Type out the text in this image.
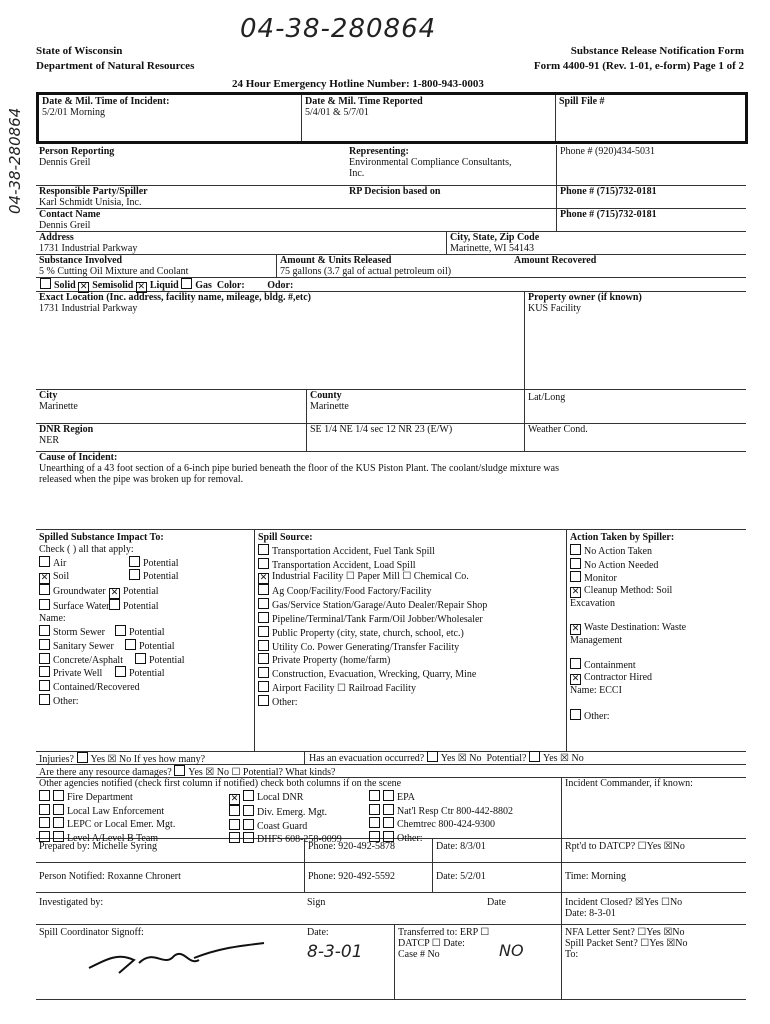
04-38-280864
04-38-280864
State of Wisconsin
Department of Natural Resources
Substance Release Notification Form
Form 4400-91 (Rev. 1-01, e-form) Page 1 of 2
24 Hour Emergency Hotline Number: 1-800-943-0003
Date & Mil. Time of Incident:
5/2/01 Morning
Date & Mil. Time Reported
5/4/01 & 5/7/01
Spill File #
Person Reporting
Dennis Greil
Representing:
Environmental Compliance Consultants, Inc.
Phone # (920)434-5031
Responsible Party/Spiller
Karl Schmidt Unisia, Inc.
RP Decision based on	Phone # (715)732-0181
Contact Name
Dennis Greil
Phone # (715)732-0181
Address
1731 Industrial Parkway
City, State, Zip Code
Marinette, WI 54143
Substance Involved
5 % Cutting Oil Mixture and Coolant
Amount & Units Released
75 gallons (3.7 gal of actual petroleum oil)
Amount Recovered
Solid ✕ Semisolid ✕ Liquid Gas Color: Odor:
Exact Location (Inc. address, facility name, mileage, bldg. #,etc)
1731 Industrial Parkway
Property owner (if known)
KUS Facility
City
Marinette
County
Marinette
Lat/Long
DNR Region
NER
SE 1/4 NE 1/4 sec 12 NR 23 (E/W)	Weather Cond.
Cause of Incident:
Unearthing of a 43 foot section of a 6-inch pipe buried beneath the floor of the KUS Piston Plant. The coolant/sludge mixture was
released when the pipe was broken up for removal.
Spilled Substance Impact To:
Check ( ) all that apply:
Air	Potential
✕ Soil	Potential
Groundwater ✕ Potential
Surface Water Potential
Name:
Storm Sewer Potential
Sanitary Sewer	Potential
Concrete/Asphalt	Potential
Private Well	Potential
Contained/Recovered
Other:
Spill Source:
Transportation Accident, Fuel Tank Spill
Transportation Accident, Load Spill
✕ Industrial Facility ☐ Paper Mill ☐ Chemical Co.
Ag Coop/Facility/Food Factory/Facility
Gas/Service Station/Garage/Auto Dealer/Repair Shop
Pipeline/Terminal/Tank Farm/Oil Jobber/Wholesaler
Public Property (city, state, church, school, etc.)
Utility Co. Power Generating/Transfer Facility
Private Property (home/farm)
Construction, Evacuation, Wrecking, Quarry, Mine
Airport Facility ☐ Railroad Facility
Other:
Action Taken by Spiller:
No Action Taken
No Action Needed
Monitor
✕ Cleanup Method: Soil
Excavation

✕ Waste Destination: Waste
Management

Containment
✕ Contractor Hired
Name: ECCI

Other:
Injuries? Yes ☒ No If yes how many?	Has an evacuation occurred? Yes ☒ No Potential? Yes ☒ No
Are there any resource damages? Yes ☒ No ☐ Potential? What kinds?
Other agencies notified (check first column if notified) check both columns if on the scene
Fire Department
Local Law Enforcement
LEPC or Local Emer. Mgt.
Level A/Level B Team
✕ Local DNR
Div. Emerg. Mgt.
Coast Guard
DHFS 608-258-0099
EPA
Nat'l Resp Ctr 800-442-8802
Chemtrec 800-424-9300
Other:
Incident Commander, if known:
Prepared by: Michelle Syring	Phone: 920-492-5878	Date: 8/3/01	Rpt'd to DATCP? ☐Yes ☒No
Person Notified: Roxanne Chronert	Phone: 920-492-5592	Date: 5/2/01	Time: Morning
Investigated by:	Sign	Date	Incident Closed? ☒Yes ☐No
Date: 8-3-01
Spill Coordinator Signoff:	Date:
8-3-01
Transferred to: ERP ☐
DATCP ☐ Date:
Case # No	NO
NFA Letter Sent? ☐Yes ☒No
Spill Packet Sent? ☐Yes ☒No
To:
